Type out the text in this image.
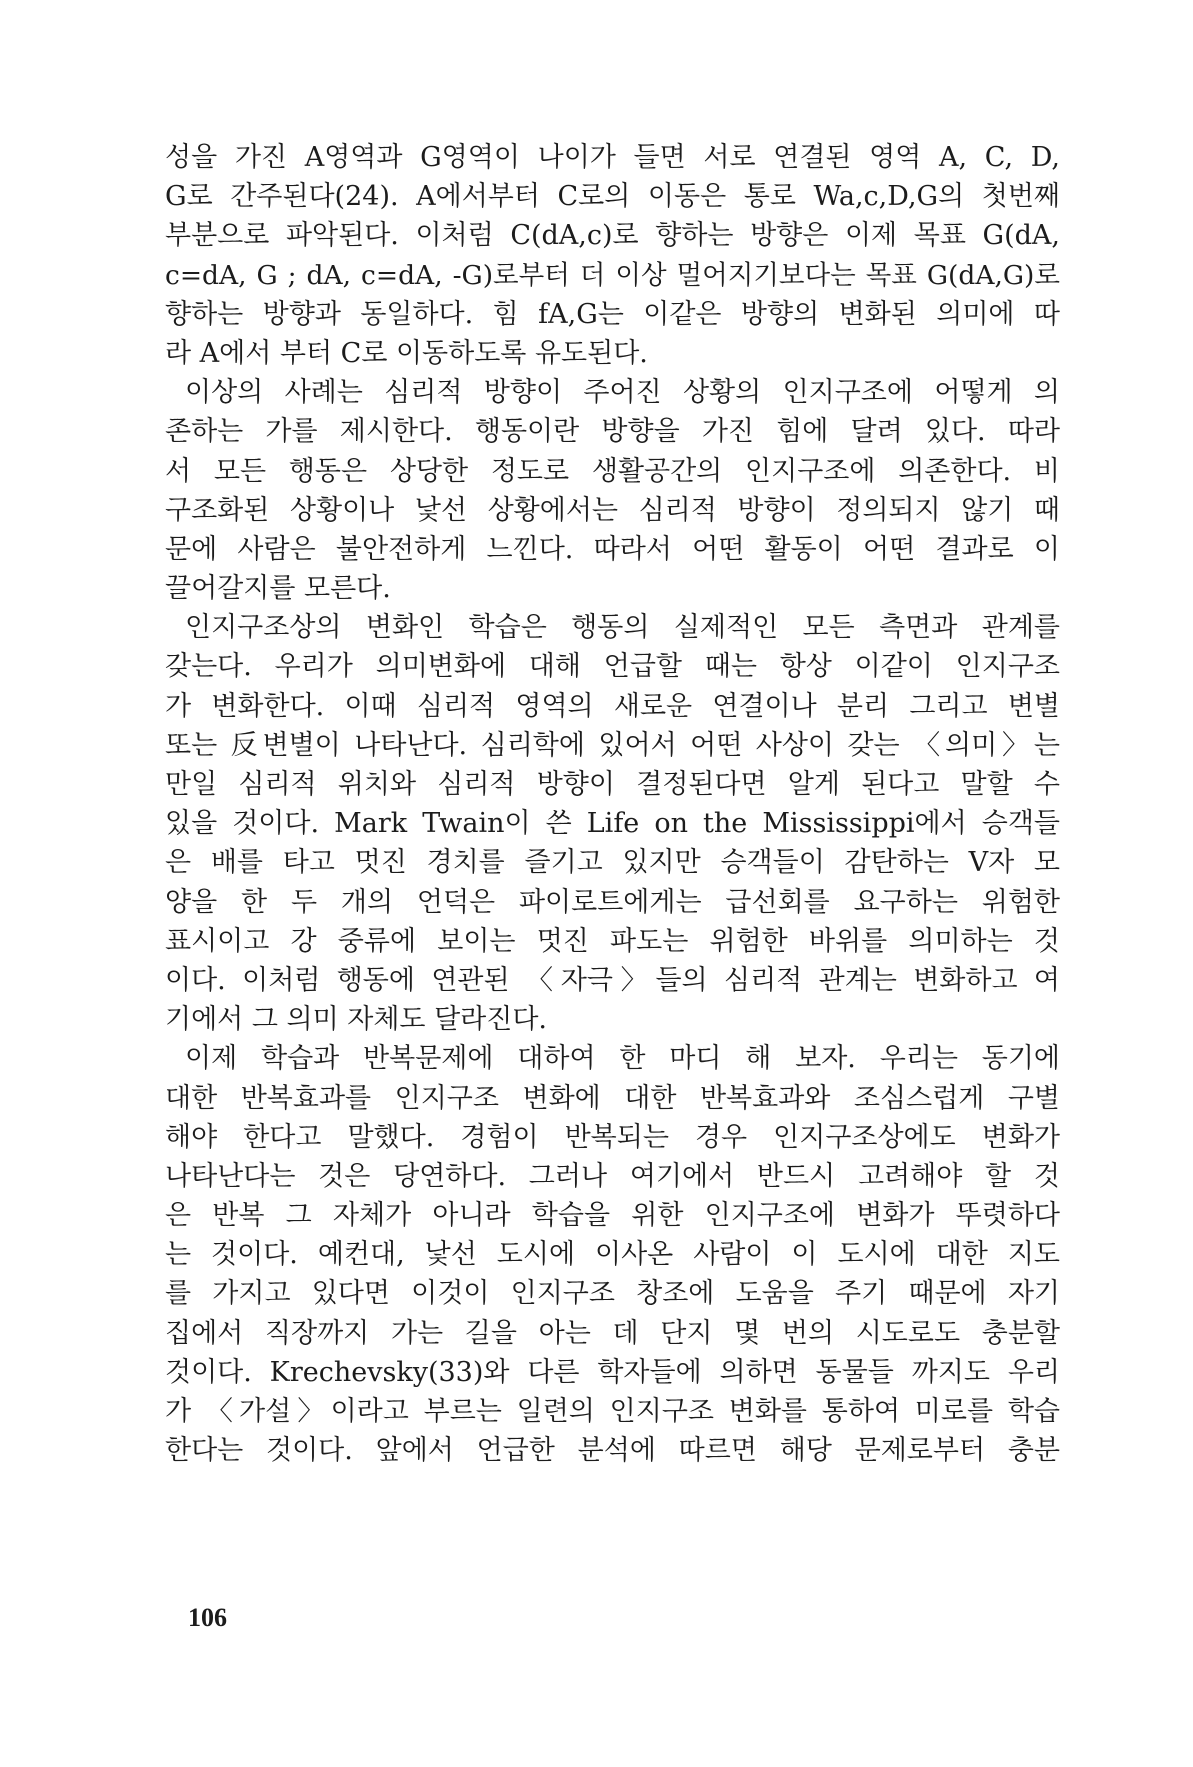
성을 가진 A영역과 G영역이 나이가 들면 서로 연결된 영역 A, C, D,
G로 간주된다(24). A에서부터 C로의 이동은 통로 Wa,c,D,G의 첫번째
부분으로 파악된다. 이처럼 C(dA,c)로 향하는 방향은 이제 목표 G(dA,
c=dA, G ; dA, c=dA, -G)로부터 더 이상 멀어지기보다는 목표 G(dA,G)로
향하는 방향과 동일하다. 힘 fA,G는 이같은 방향의 변화된 의미에 따
라 A에서 부터 C로 이동하도록 유도된다.
이상의 사례는 심리적 방향이 주어진 상황의 인지구조에 어떻게 의
존하는 가를 제시한다. 행동이란 방향을 가진 힘에 달려 있다. 따라
서 모든 행동은 상당한 정도로 생활공간의 인지구조에 의존한다. 비
구조화된 상황이나 낯선 상황에서는 심리적 방향이 정의되지 않기 때
문에 사람은 불안전하게 느낀다. 따라서 어떤 활동이 어떤 결과로 이
끌어갈지를 모른다.
인지구조상의 변화인 학습은 행동의 실제적인 모든 측면과 관계를
갖는다. 우리가 의미변화에 대해 언급할 때는 항상 이같이 인지구조
가 변화한다. 이때 심리적 영역의 새로운 연결이나 분리 그리고 변별
또는 反변별이 나타난다. 심리학에 있어서 어떤 사상이 갖는 〈의미〉는
만일 심리적 위치와 심리적 방향이 결정된다면 알게 된다고 말할 수
있을 것이다. Mark Twain이 쓴 Life on the Mississippi에서 승객들
은 배를 타고 멋진 경치를 즐기고 있지만 승객들이 감탄하는 V자 모
양을 한 두 개의 언덕은 파이로트에게는 급선회를 요구하는 위험한
표시이고 강 중류에 보이는 멋진 파도는 위험한 바위를 의미하는 것
이다. 이처럼 행동에 연관된 〈자극〉들의 심리적 관계는 변화하고 여
기에서 그 의미 자체도 달라진다.
이제 학습과 반복문제에 대하여 한 마디 해 보자. 우리는 동기에
대한 반복효과를 인지구조 변화에 대한 반복효과와 조심스럽게 구별
해야 한다고 말했다. 경험이 반복되는 경우 인지구조상에도 변화가
나타난다는 것은 당연하다. 그러나 여기에서 반드시 고려해야 할 것
은 반복 그 자체가 아니라 학습을 위한 인지구조에 변화가 뚜렷하다
는 것이다. 예컨대, 낯선 도시에 이사온 사람이 이 도시에 대한 지도
를 가지고 있다면 이것이 인지구조 창조에 도움을 주기 때문에 자기
집에서 직장까지 가는 길을 아는 데 단지 몇 번의 시도로도 충분할
것이다. Krechevsky(33)와 다른 학자들에 의하면 동물들 까지도 우리
가 〈가설〉이라고 부르는 일련의 인지구조 변화를 통하여 미로를 학습
한다는 것이다. 앞에서 언급한 분석에 따르면 해당 문제로부터 충분
106
